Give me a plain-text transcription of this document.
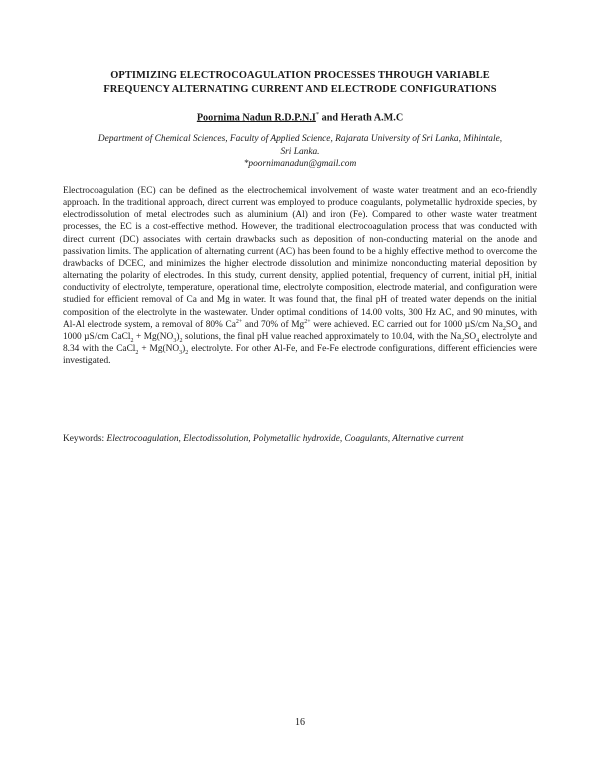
OPTIMIZING ELECTROCOAGULATION PROCESSES THROUGH VARIABLE
FREQUENCY ALTERNATING CURRENT AND ELECTRODE CONFIGURATIONS
Poornima Nadun R.D.P.N.I* and Herath A.M.C
Department of Chemical Sciences, Faculty of Applied Science, Rajarata University of Sri Lanka, Mihintale,
Sri Lanka.
*poornimanadun@gmail.com

Electrocoagulation (EC) can be defined as the electrochemical involvement of waste water treatment and an eco-friendly approach. In the traditional approach, direct current was employed to produce coagulants, polymetallic hydroxide species, by electrodissolution of metal electrodes such as aluminium (Al) and iron (Fe). Compared to other waste water treatment processes, the EC is a cost-effective method. However, the traditional electrocoagulation process that was conducted with direct current (DC) associates with certain drawbacks such as deposition of non-conducting material on the anode and passivation limits. The application of alternating current (AC) has been found to be a highly effective method to overcome the drawbacks of DCEC, and minimizes the higher electrode dissolution and minimize nonconducting material deposition by alternating the polarity of electrodes. In this study, current density, applied potential, frequency of current, initial pH, initial conductivity of electrolyte, temperature, operational time, electrolyte composition, electrode material, and configuration were studied for efficient removal of Ca and Mg in water. It was found that, the final pH of treated water depends on the initial composition of the electrolyte in the wastewater. Under optimal conditions of 14.00 volts, 300 Hz AC, and 90 minutes, with Al-Al electrode system, a removal of 80% $Ca^{2+}$ and 70% of $Mg^{2+}$ were achieved. EC carried out for 1000 µS/cm $Na_2SO_4$ and 1000 µS/cm CaCl$_2$ + $Mg(NO_3)_2$ solutions, the final pH value reached approximately to 10.04, with the $Na_2SO_4$ electrolyte and 8.34 with the CaCl$_2$ + $Mg(NO_3)_2$ electrolyte. For other Al-Fe, and Fe-Fe electrode configurations, different efficiencies were investigated.

Keywords: Electrocoagulation, Electodissolution, Polymetallic hydroxide, Coagulants, Alternative current
16
